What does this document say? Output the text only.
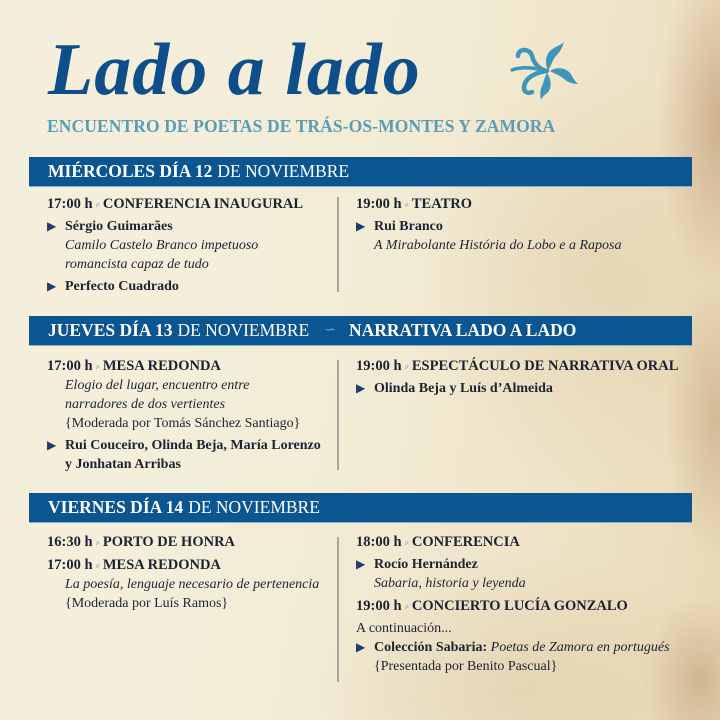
Lado a lado
ENCUENTRO DE POETAS DE TRÁS-OS-MONTES Y ZAMORA
MIÉRCOLES DÍA 12 DE NOVIEMBRE
17:00 h ⸗ CONFERENCIA INAUGURAL
▶ Sérgio Guimarães
Camilo Castelo Branco impetuoso
romancista capaz de tudo
▶ Perfecto Cuadrado
19:00 h ⸗ TEATRO
▶ Rui Branco
A Mirabolante História do Lobo e a Raposa
JUEVES DÍA 13 DE NOVIEMBRE ∽ NARRATIVA LADO A LADO
17:00 h ⸗ MESA REDONDA
Elogio del lugar, encuentro entre
narradores de dos vertientes
{Moderada por Tomás Sánchez Santiago}
▶ Rui Couceiro, Olinda Beja, María Lorenzo
y Jonhatan Arribas
19:00 h ⸗ ESPECTÁCULO DE NARRATIVA ORAL
▶ Olinda Beja y Luís d’Almeida
VIERNES DÍA 14 DE NOVIEMBRE
16:30 h ⸗ PORTO DE HONRA
17:00 h ⸗ MESA REDONDA
La poesía, lenguaje necesario de pertenencia
{Moderada por Luís Ramos}
18:00 h ⸗ CONFERENCIA
▶ Rocío Hernández
Sabaria, historia y leyenda
19:00 h ⸗ CONCIERTO LUCÍA GONZALO
A continuación...
▶ Colección Sabaria:
Poetas de Zamora en portugués
{Presentada por Benito Pascual}
